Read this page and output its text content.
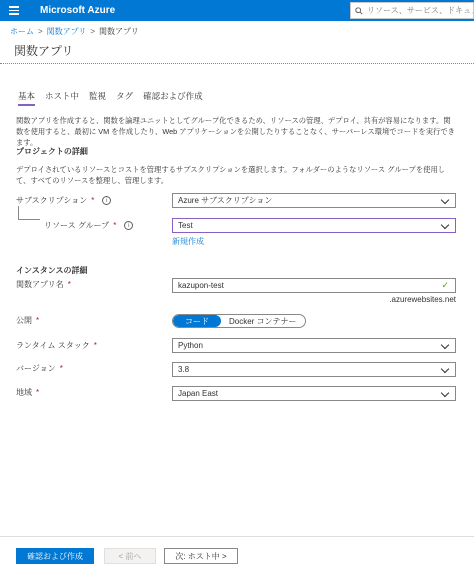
Microsoft Azure
リソース、サービス、ドキュメントの検索
ホーム > 関数アプリ > 関数アプリ
関数アプリ
基本 ホスト中 監視 タグ 確認および作成
関数アプリを作成すると、関数を論理ユニットとしてグループ化できるため、リソースの管理、デプロイ、共有が容易になります。関数を使用すると、最初に VM を作成したり、Web アプリケーションを公開したりすることなく、サーバーレス環境でコードを実行できます。
プロジェクトの詳細
デプロイされているリソースとコストを管理するサブスクリプションを選択します。フォルダーのようなリソース グループを使用して、すべてのリソースを整理し、管理します。
サブスクリプション *	i	Azure サブスクリプション
リソース グループ *	i	Test
新規作成
インスタンスの詳細
関数アプリ名 *	kazupon-test	✓
.azurewebsites.net
公開 *	コード	Docker コンテナー
ランタイム スタック *	Python
バージョン *	3.8
地域 *	Japan East
確認および作成	< 前へ	次: ホスト中 >
